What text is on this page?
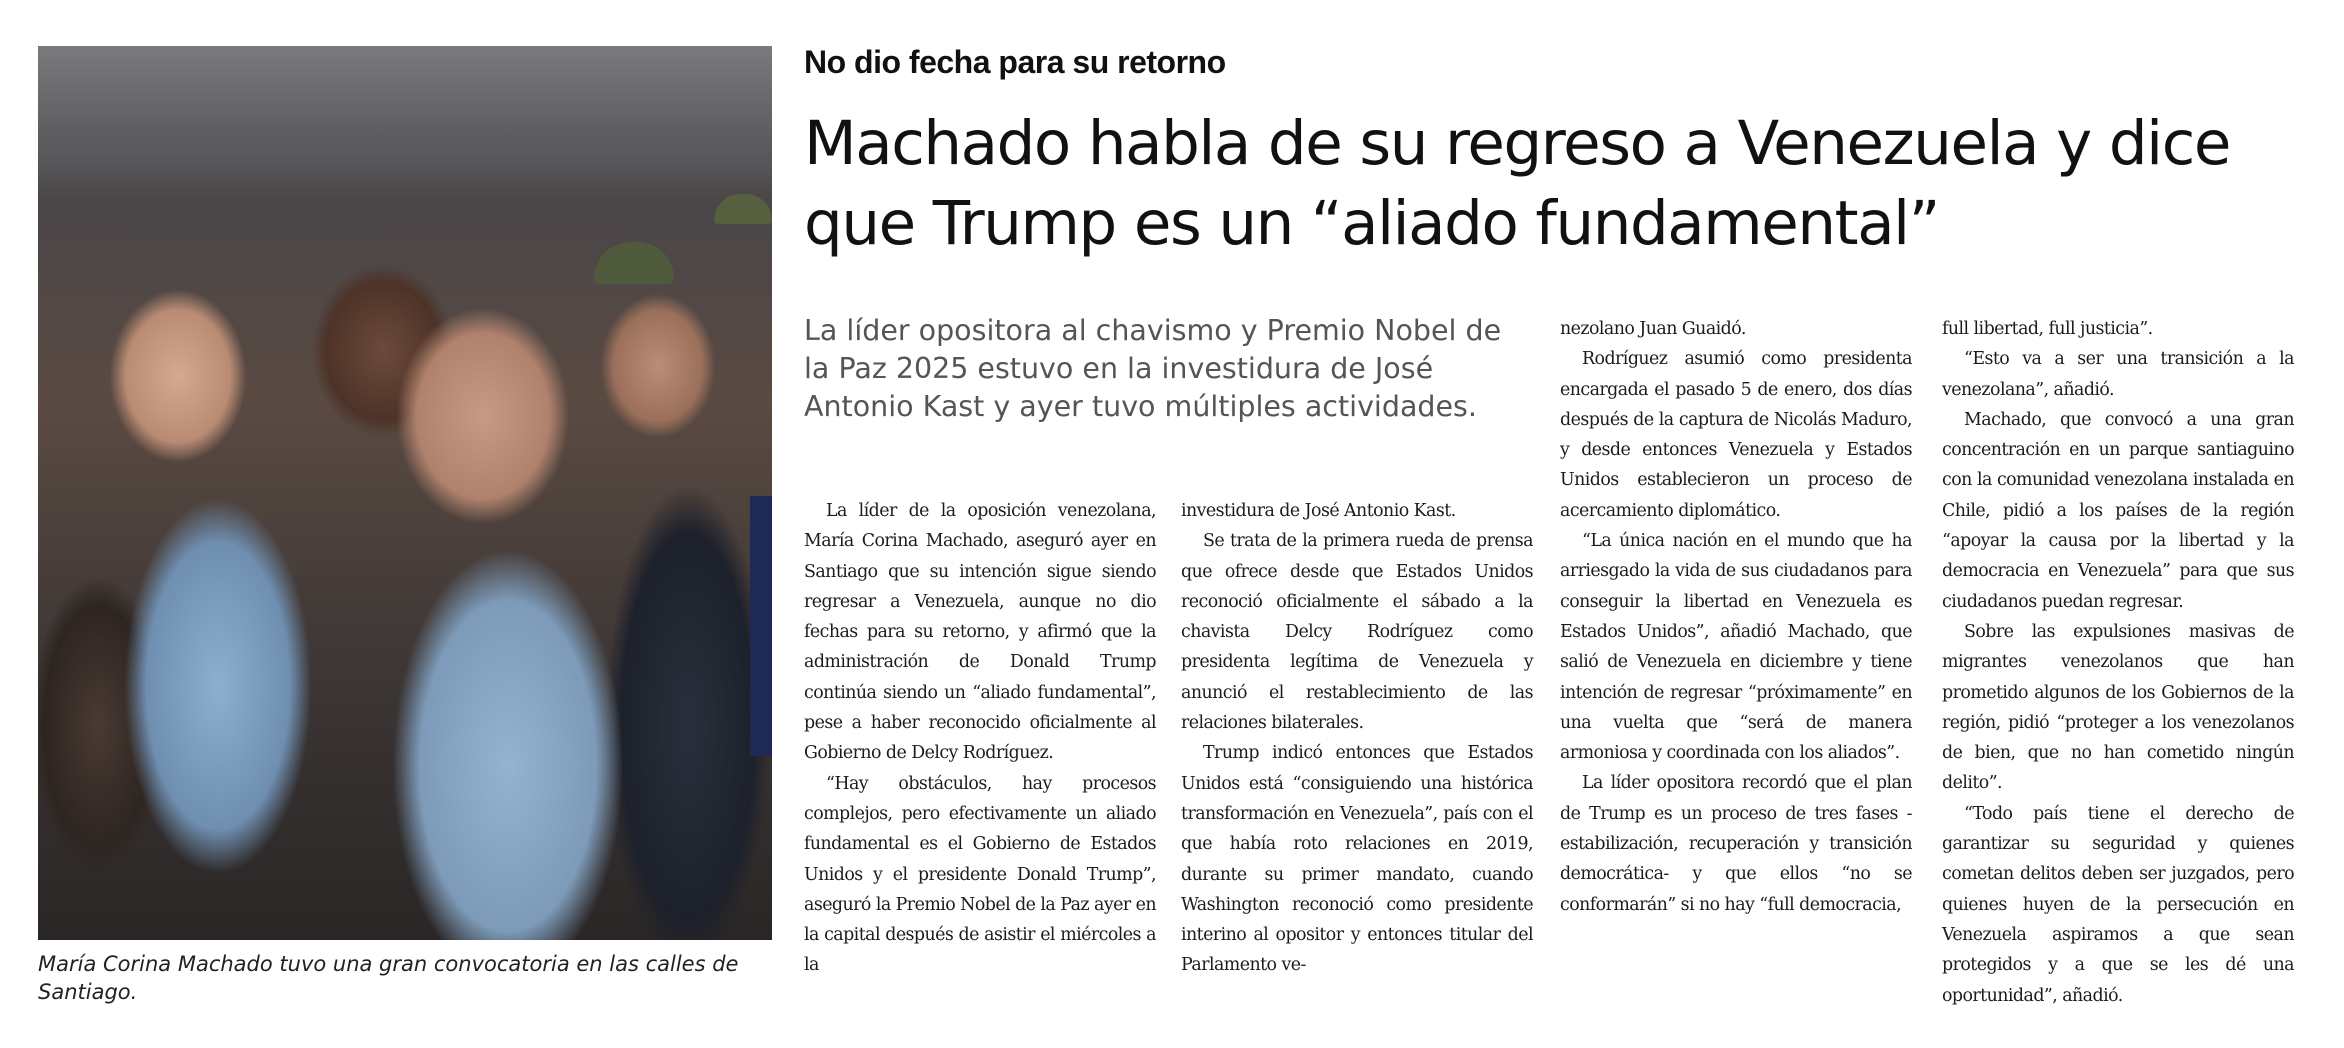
María Corina Machado tuvo una gran convocatoria en las calles de Santiago.

No dio fecha para su retorno
Machado habla de su regreso a Venezuela y dice que Trump es un “aliado fundamental”

La líder opositora al chavismo y Premio Nobel de la Paz 2025 estuvo en la investidura de José Antonio Kast y ayer tuvo múltiples actividades.

La líder de la oposición venezolana, María Corina Machado, aseguró ayer en Santiago que su intención sigue siendo regresar a Venezuela, aunque no dio fechas para su retorno, y afirmó que la administración de Donald Trump continúa siendo un “aliado fundamental”, pese a haber reconocido oficialmente al Gobierno de Delcy Rodríguez.

“Hay obstáculos, hay procesos complejos, pero efectivamente un aliado fundamental es el Gobierno de Estados Unidos y el presidente Donald Trump”, aseguró la Premio Nobel de la Paz ayer en la capital después de asistir el miércoles a la

investidura de José Antonio Kast.

Se trata de la primera rueda de prensa que ofrece desde que Estados Unidos reconoció oficialmente el sábado a la chavista Delcy Rodríguez como presidenta legítima de Venezuela y anunció el restablecimiento de las relaciones bilaterales.

Trump indicó entonces que Estados Unidos está “consiguiendo una histórica transformación en Venezuela”, país con el que había roto relaciones en 2019, durante su primer mandato, cuando Washington reconoció como presidente interino al opositor y entonces titular del Parlamento ve-

nezolano Juan Guaidó.

Rodríguez asumió como presidenta encargada el pasado 5 de enero, dos días después de la captura de Nicolás Maduro, y desde entonces Venezuela y Estados Unidos establecieron un proceso de acercamiento diplomático.

“La única nación en el mundo que ha arriesgado la vida de sus ciudadanos para conseguir la libertad en Venezuela es Estados Unidos”, añadió Machado, que salió de Venezuela en diciembre y tiene intención de regresar “próximamente” en una vuelta que “será de manera armoniosa y coordinada con los aliados”.

La líder opositora recordó que el plan de Trump es un proceso de tres fases -estabilización, recuperación y transición democrática- y que ellos “no se conformarán” si no hay “full democracia,

full libertad, full justicia”.

“Esto va a ser una transición a la venezolana”, añadió.

Machado, que convocó a una gran concentración en un parque santiaguino con la comunidad venezolana instalada en Chile, pidió a los países de la región “apoyar la causa por la libertad y la democracia en Venezuela” para que sus ciudadanos puedan regresar.

Sobre las expulsiones masivas de migrantes venezolanos que han prometido algunos de los Gobiernos de la región, pidió “proteger a los venezolanos de bien, que no han cometido ningún delito”.

“Todo país tiene el derecho de garantizar su seguridad y quienes cometan delitos deben ser juzgados, pero quienes huyen de la persecución en Venezuela aspiramos a que sean protegidos y a que se les dé una oportunidad”, añadió.
